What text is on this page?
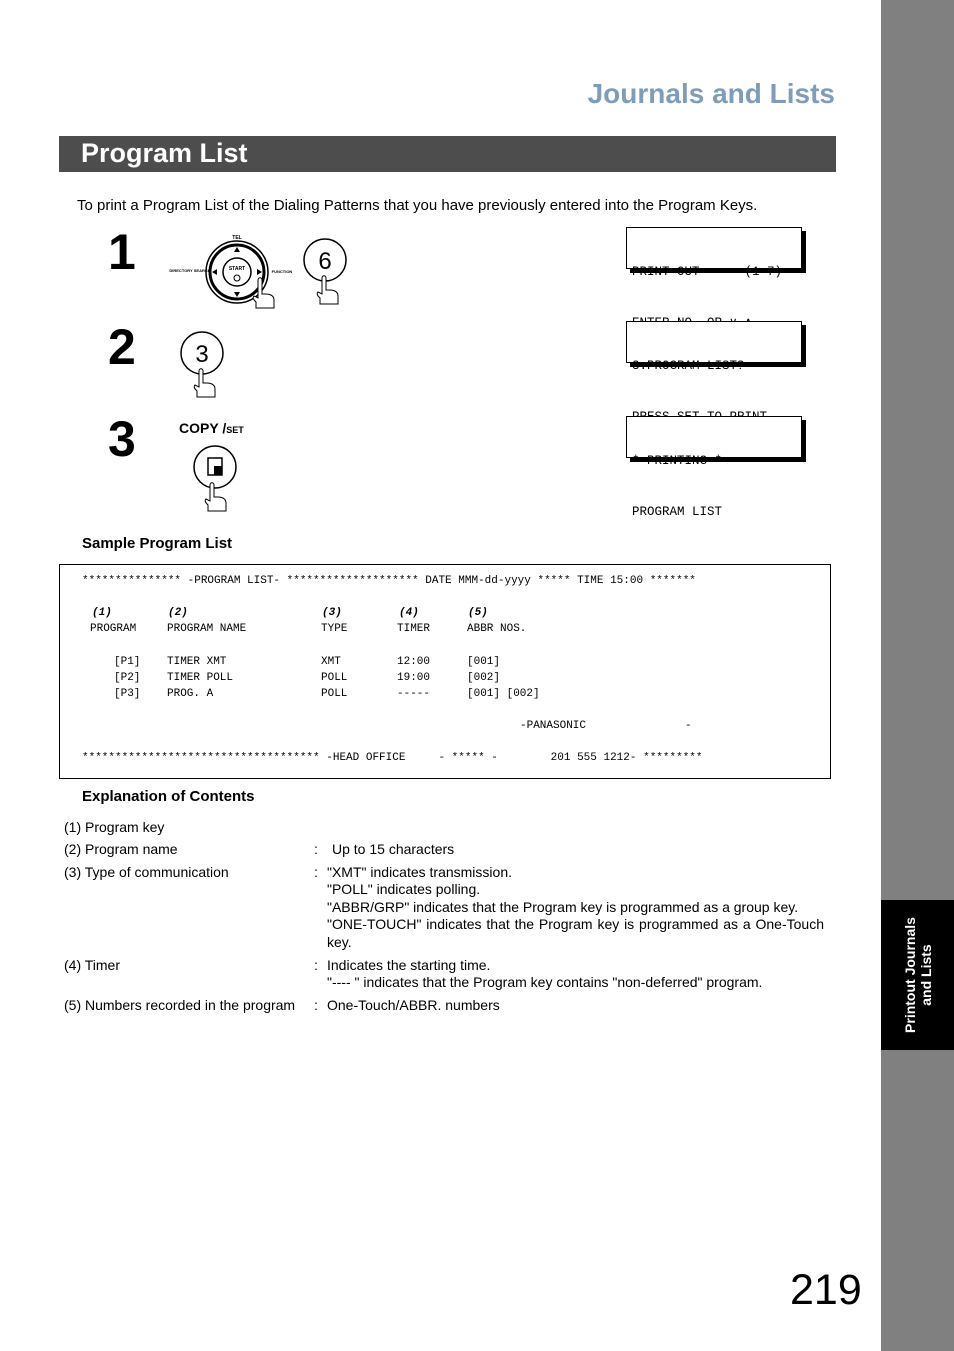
Printout Journals and Lists
Journals and Lists
Program List
To print a Program List of the Dialing Patterns that you have previously entered into the Program Keys.
1	TEL
START
DIRECTORY SEARCH	FUNCTION 6

	PRINT OUT      (1-7)

2 3

	3:PROGRAM LIST?

3	COPY /SET

* PRINTING *

PROGRAM LIST

Sample Program List
*************** -PROGRAM LIST- ******************** DATE MMM-dd-yyyy ***** TIME 15:00 *******
(1)	(2)	(3)	(4)	(5)
PROGRAM	PROGRAM NAME	TYPE	TIMER	ABBR NOS.
[P1] TIMER XMT	XMT	12:00	[001]
[P2] TIMER POLL	POLL	19:00	[002]
[P3] PROG. A	POLL	-----	[001] [002]
-PANASONIC               -
************************************ -HEAD OFFICE     - ***** -        201 555 1212- *********
Explanation of Contents
(1) Program key
(2) Program name	: Up to 15 characters
(3) Type of communication	: "XMT" indicates transmission.
"POLL" indicates polling.
"ABBR/GRP" indicates that the Program key is programmed as a group key.
"ONE-TOUCH" indicates that the Program key is programmed as a One-Touch key.
(4) Timer	: Indicates the starting time.
"---- " indicates that the Program key contains "non-deferred" program.
(5) Numbers recorded in the program : One-Touch/ABBR. numbers
219
